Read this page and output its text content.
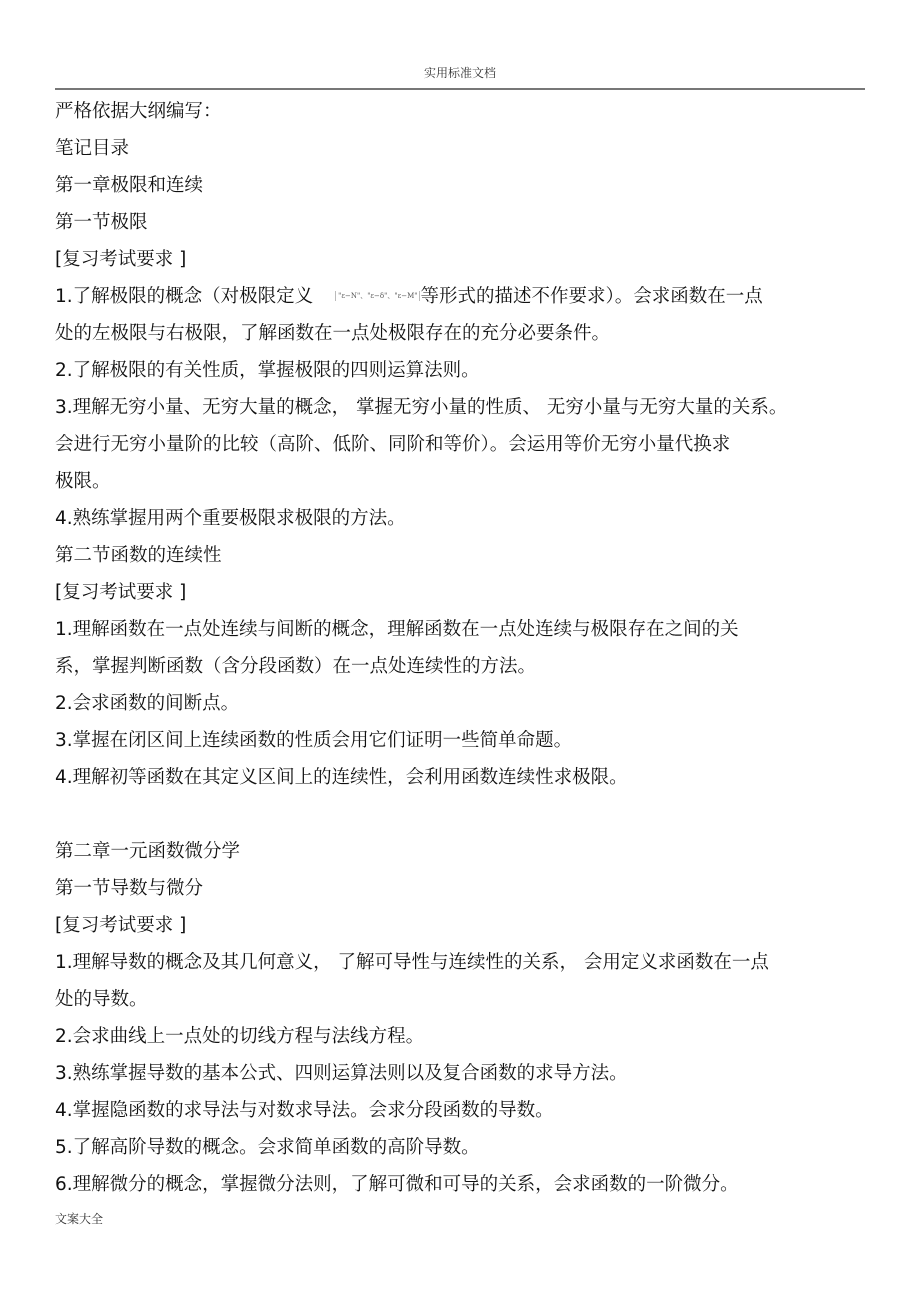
实用标准文档
严格依据大纲编写：
笔记目录
第一章极限和连续
第一节极限
[复习考试要求 ]
1.了解极限的概念（对极限定义	"ε−N"、"ε−δ"、"ε−M" 等形式的描述不作要求）。会求函数在一点
处的左极限与右极限，了解函数在一点处极限存在的充分必要条件。
2.了解极限的有关性质，掌握极限的四则运算法则。
3.理解无穷小量、无穷大量的概念， 掌握无穷小量的性质、 无穷小量与无穷大量的关系。
会进行无穷小量阶的比较（高阶、低阶、同阶和等价）。会运用等价无穷小量代换求
极限。
4.熟练掌握用两个重要极限求极限的方法。
第二节函数的连续性
[复习考试要求 ]
1.理解函数在一点处连续与间断的概念，理解函数在一点处连续与极限存在之间的关
系，掌握判断函数（含分段函数）在一点处连续性的方法。
2.会求函数的间断点。
3.掌握在闭区间上连续函数的性质会用它们证明一些简单命题。
4.理解初等函数在其定义区间上的连续性，会利用函数连续性求极限。
第二章一元函数微分学
第一节导数与微分
[复习考试要求 ]
1.理解导数的概念及其几何意义， 了解可导性与连续性的关系， 会用定义求函数在一点
处的导数。
2.会求曲线上一点处的切线方程与法线方程。
3.熟练掌握导数的基本公式、四则运算法则以及复合函数的求导方法。
4.掌握隐函数的求导法与对数求导法。会求分段函数的导数。
5.了解高阶导数的概念。会求简单函数的高阶导数。
6.理解微分的概念，掌握微分法则，了解可微和可导的关系，会求函数的一阶微分。
文案大全
